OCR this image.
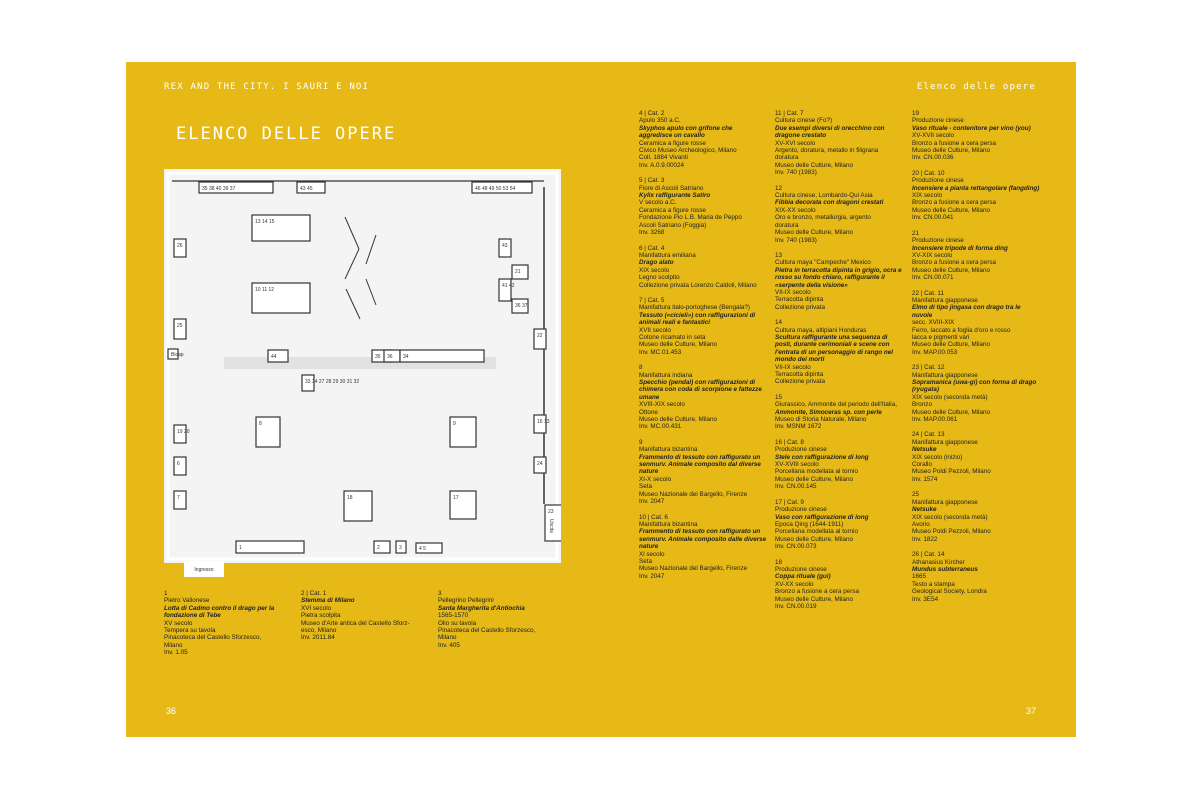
REX AND THE CITY. I SAURI E NOI	Elenco delle opere
ELENCO DELLE OPERE
35 38 40 39 37	43 45	46 48 49 50 53 54
13 14 15
10 11 12
26
25
43
41 42
44	35 36 34
33 34 27 28 29 30 31 32
8	9
17
18
19 20
6
7
1	2	3	4 5
16 13
24
22
21
36 37
23
Bicap
Uscita
Ingresso
1
Pietro Vallonese
Lotta di Cadmo contro il drago per la
fondazione di Tebe
XV secolo
Tempera su tavola
Pinacoteca del Castello Sforzesco,
Milano
Inv. 1.05
2 | Cat. 1
Stemma di Milano
XVI secolo
Pietra scolpita
Museo d'Arte antica del Castello Sforz-
esco, Milano
Inv. 2011.84
3
Pellegrino Pellegrini
Santa Margherita d'Antiochia
1565-1570
Olio su tavola
Pinacoteca del Castello Sforzesco,
Milano
Inv. 405
4 | Cat. 2
Apulo 350 a.C.
Skyphos apulo con grifone che aggredisce un cavallo
Ceramica a figure rosse
Civico Museo Archeologico, Milano
Coll. 1884 Vivanti
Inv. A.0.9.00024
5 | Cat. 3
Fiore di Ascoli Satriano
Kylix raffigurante Satiro
V secolo a.C.
Ceramica a figure rosse
Fondazione Pio L.B. Maria de Peppo
Ascoli Satriano (Foggia)
Inv. 3268
6 | Cat. 4
Manifattura emiliana
Drago alato
XIX secolo
Legno scolpito
Collezione privata Lorenzo Caldoli, Milano
7 | Cat. 5
Manifattura italo-portoghese (Bengala?)
Tessuto («cicieli») con raffigurazioni di animali reali e fantastici
XVII secolo
Cotone ricamato in seta
Museo delle Culture, Milano
Inv. MC.01.453
8
Manifattura indiana
Specchio (pendal) con raffigurazioni di chimera con coda di scorpione e fattezze umane
XVIII-XIX secolo
Ottone
Museo delle Culture, Milano
Inv. MC.00.431
9
Manifattura bizantina
Frammento di tessuto con raffigurato un senmurv. Animale composito dal diverse nature
XI-X secolo
Seta
Museo Nazionale del Bargello, Firenze
Inv. 2047
10 | Cat. 6
Manifattura bizantina
Frammento di tessuto con raffigurato un senmurv. Animale composito dalle diverse nature
Xl secolo
Seta
Museo Nazionale del Bargello, Firenze
Inv. 2047
11 | Cat. 7
Cultura cinese (Fo?)
Due esempi diversi di orecchino con dragone crestato
XV-XVI secolo
Argento, doratura, metallo in filigrana
doratura
Museo delle Culture, Milano
Inv. 740 (1983)
12
Cultura cinese, Lombardo-Qui Asia
Fibbia decorata con dragoni crestati
XIX-XX secolo
Oro e bronzo, metallurgia, argento
doratura
Museo delle Culture, Milano
Inv. 740 (1983)
13
Cultura maya "Campeche" Mexico
Pietra in terracotta dipinta in grigio, ocra e rosso su fondo chiaro, raffigurante il «serpente della visione»
VII-IX secolo
Terracotta dipinta
Collezione privata
14
Cultura maya, altipiani Honduras
Scultura raffigurante una sequenza di posti, durante cerimoniali e scene con l'entrata di un personaggio di rango nel mondo dei morti
VII-IX secolo
Terracotta dipinta
Collezione privata
15
Giurassico, Ammonite del periodo dell'Italia,
Ammonite, Simoceras sp. con perle
Museo di Storia Naturale, Milano
Inv. MSNM 1672
16 | Cat. 8
Produzione cinese
Stele con raffigurazione di long
XV-XVIII secolo
Porcellana modellata al tornio
Museo delle Culture, Milano
Inv. CN.00.145
17 | Cat. 9
Produzione cinese
Vaso con raffigurazione di long
Epoca Qing (1644-1911)
Porcellana modellata al tornio
Museo delle Culture, Milano
Inv. CN.00.073
18
Produzione cinese
Coppa rituale (gui)
XV-XX secolo
Bronzo a fusione a cera persa
Museo delle Culture, Milano
Inv. CN.00.019
19
Produzione cinese
Vaso rituale - contenitore per vino (you)
XV-XVII secolo
Bronzo a fusione a cera persa
Museo delle Culture, Milano
Inv. CN.00.036
20 | Cat. 10
Produzione cinese
Incensiere a pianta rettangolare (fangding)
XIX secolo
Bronzo a fusione a cera persa
Museo delle Culture, Milano
Inv. CN.00.041
21
Produzione cinese
Incensiere tripode di forma ding
XV-XIX secolo
Bronzo a fusione a cera persa
Museo delle Culture, Milano
Inv. CN.00.071
22 | Cat. 11
Manifattura giapponese
Elmo di tipo jingasa con drago tra le nuvole
secc. XVIII-XIX
Ferro, laccato a foglia d'oro e rosso
lacca e pigmenti vari
Museo delle Culture, Milano
Inv. MAP.00.053
23 | Cat. 12
Manifattura giapponese
Sopramanica (uwa-gi) con forma di drago (ryugata)
XIX secolo (seconda metà)
Bronzo
Museo delle Culture, Milano
Inv. MAP.00.061
24 | Cat. 13
Manifattura giapponese
Netsuke
XIX secolo (inizio)
Corallo
Museo Poldi Pezzoli, Milano
Inv. 1574
25
Manifattura giapponese
Netsuke
XIX secolo (seconda metà)
Avorio
Museo Poldi Pezzoli, Milano
Inv. 1822
26 | Cat. 14
Athanasius Kircher
Mundus subterraneus
1665
Testo a stampa
Geological Society, Londra
Inv. 3E54
36	37
